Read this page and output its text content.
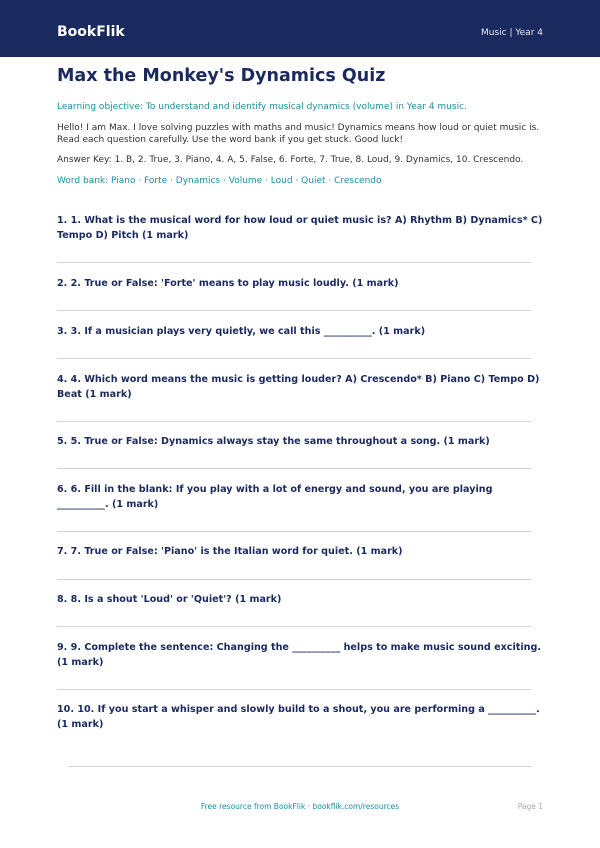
BookFlik	Music | Year 4
Max the Monkey's Dynamics Quiz
Learning objective: To understand and identify musical dynamics (volume) in Year 4 music.
Hello! I am Max. I love solving puzzles with maths and music! Dynamics means how loud or quiet music is. Read each question carefully. Use the word bank if you get stuck. Good luck!
Answer Key: 1. B, 2. True, 3. Piano, 4. A, 5. False, 6. Forte, 7. True, 8. Loud, 9. Dynamics, 10. Crescendo.
Word bank: Piano · Forte · Dynamics · Volume · Loud · Quiet · Crescendo
1. 1. What is the musical word for how loud or quiet music is? A) Rhythm B) Dynamics* C) Tempo D) Pitch (1 mark)
2. 2. True or False: 'Forte' means to play music loudly. (1 mark)
3. 3. If a musician plays very quietly, we call this __________. (1 mark)
4. 4. Which word means the music is getting louder? A) Crescendo* B) Piano C) Tempo D) Beat (1 mark)
5. 5. True or False: Dynamics always stay the same throughout a song. (1 mark)
6. 6. Fill in the blank: If you play with a lot of energy and sound, you are playing __________. (1 mark)
7. 7. True or False: 'Piano' is the Italian word for quiet. (1 mark)
8. 8. Is a shout 'Loud' or 'Quiet'? (1 mark)
9. 9. Complete the sentence: Changing the __________ helps to make music sound exciting. (1 mark)
10. 10. If you start a whisper and slowly build to a shout, you are performing a __________. (1 mark)
Free resource from BookFlik · bookflik.com/resources	Page 1
